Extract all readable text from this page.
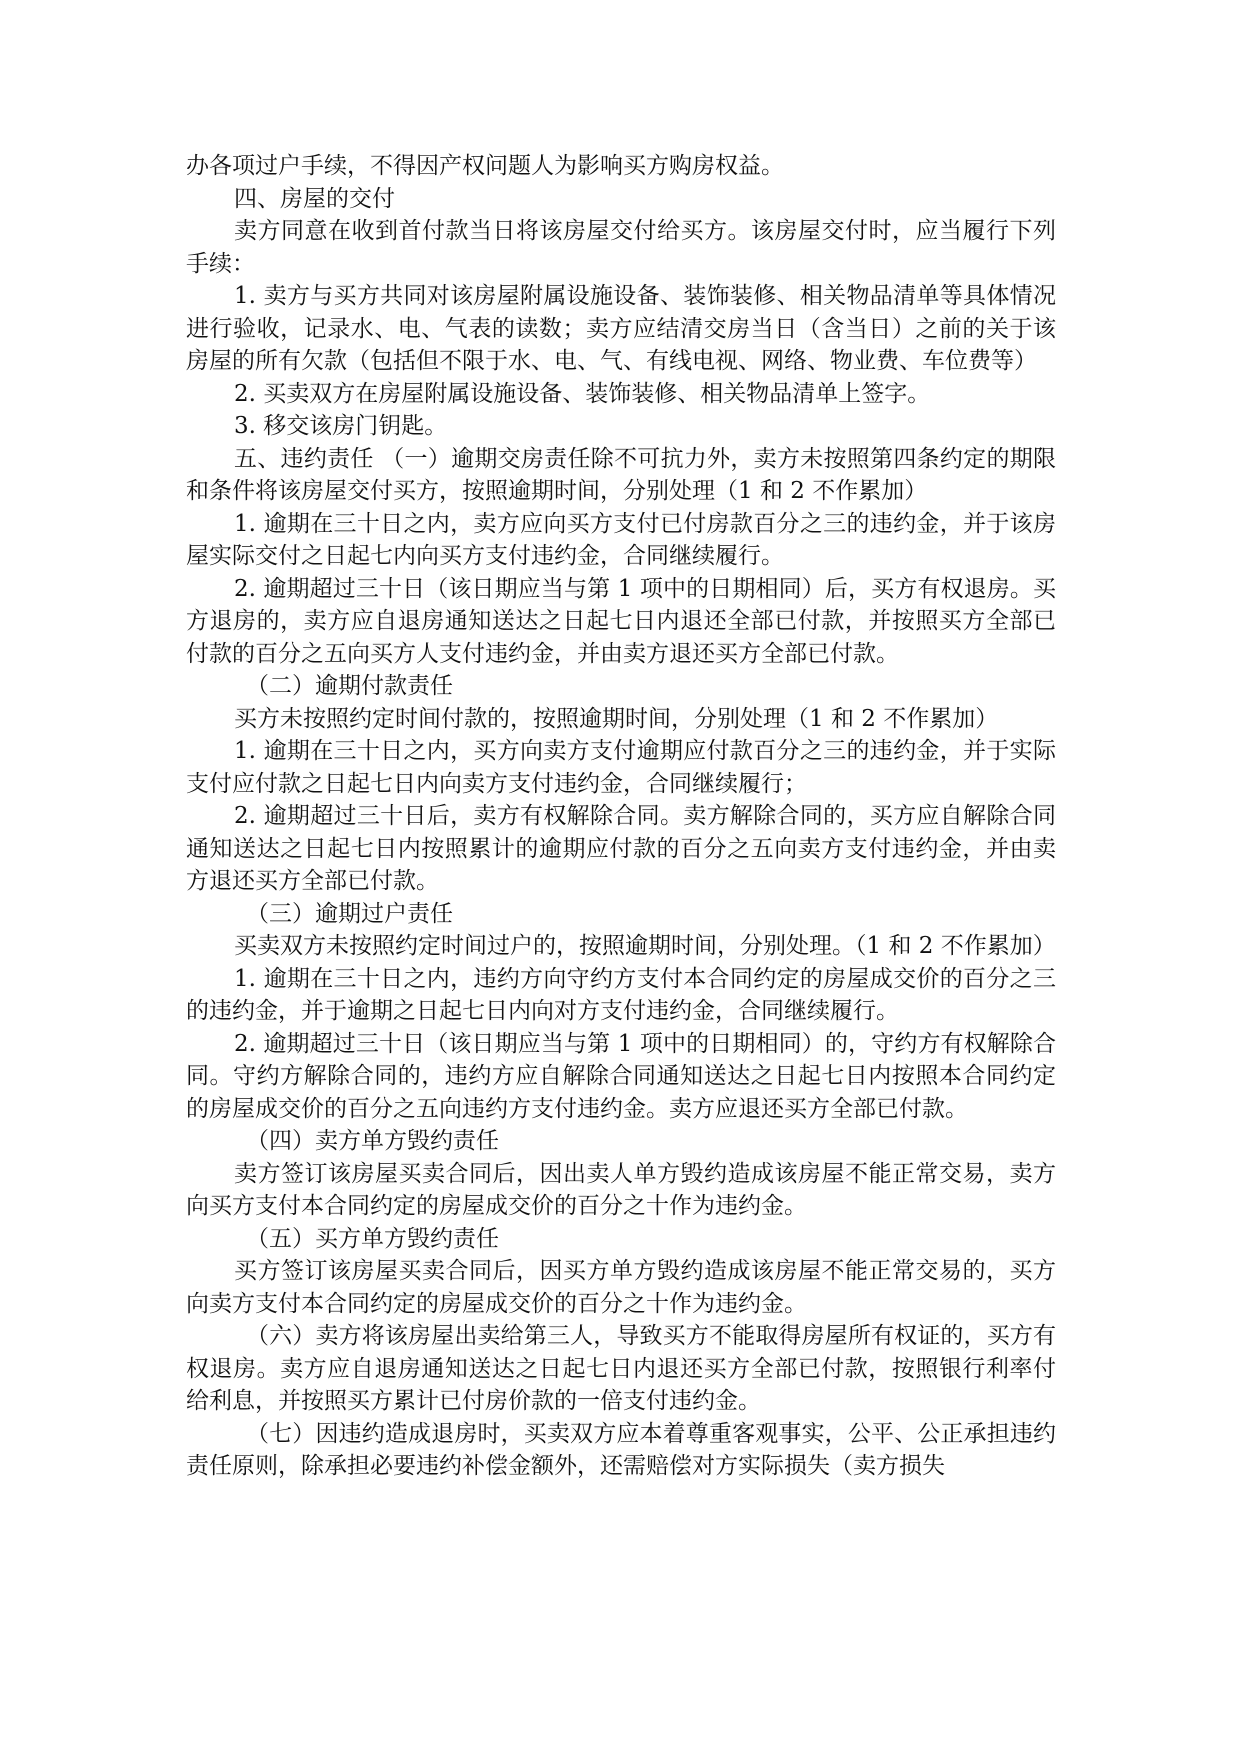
办各项过户手续，不得因产权问题人为影响买方购房权益。

四、房屋的交付

卖方同意在收到首付款当日将该房屋交付给买方。该房屋交付时，应当履行下列手续：

1. 卖方与买方共同对该房屋附属设施设备、装饰装修、相关物品清单等具体情况进行验收，记录水、电、气表的读数；卖方应结清交房当日（含当日）之前的关于该房屋的所有欠款（包括但不限于水、电、气、有线电视、网络、物业费、车位费等）

2. 买卖双方在房屋附属设施设备、装饰装修、相关物品清单上签字。

3. 移交该房门钥匙。

五、违约责任 （一）逾期交房责任除不可抗力外，卖方未按照第四条约定的期限和条件将该房屋交付买方，按照逾期时间，分别处理（1 和 2 不作累加）

1. 逾期在三十日之内，卖方应向买方支付已付房款百分之三的违约金，并于该房屋实际交付之日起七内向买方支付违约金，合同继续履行。

2. 逾期超过三十日（该日期应当与第 1 项中的日期相同）后，买方有权退房。买方退房的，卖方应自退房通知送达之日起七日内退还全部已付款，并按照买方全部已付款的百分之五向买方人支付违约金，并由卖方退还买方全部已付款。

（二）逾期付款责任

买方未按照约定时间付款的，按照逾期时间，分别处理（1 和 2 不作累加）

1. 逾期在三十日之内，买方向卖方支付逾期应付款百分之三的违约金，并于实际支付应付款之日起七日内向卖方支付违约金，合同继续履行；

2. 逾期超过三十日后，卖方有权解除合同。卖方解除合同的，买方应自解除合同通知送达之日起七日内按照累计的逾期应付款的百分之五向卖方支付违约金，并由卖方退还买方全部已付款。

（三）逾期过户责任

买卖双方未按照约定时间过户的，按照逾期时间，分别处理。（1 和 2 不作累加）

1. 逾期在三十日之内，违约方向守约方支付本合同约定的房屋成交价的百分之三的违约金，并于逾期之日起七日内向对方支付违约金，合同继续履行。

2. 逾期超过三十日（该日期应当与第 1 项中的日期相同）的，守约方有权解除合同。守约方解除合同的，违约方应自解除合同通知送达之日起七日内按照本合同约定的房屋成交价的百分之五向违约方支付违约金。卖方应退还买方全部已付款。

（四）卖方单方毁约责任

卖方签订该房屋买卖合同后，因出卖人单方毁约造成该房屋不能正常交易，卖方向买方支付本合同约定的房屋成交价的百分之十作为违约金。

（五）买方单方毁约责任

买方签订该房屋买卖合同后，因买方单方毁约造成该房屋不能正常交易的，买方向卖方支付本合同约定的房屋成交价的百分之十作为违约金。

（六）卖方将该房屋出卖给第三人，导致买方不能取得房屋所有权证的，买方有权退房。卖方应自退房通知送达之日起七日内退还买方全部已付款，按照银行利率付给利息，并按照买方累计已付房价款的一倍支付违约金。

（七）因违约造成退房时，买卖双方应本着尊重客观事实，公平、公正承担违约责任原则，除承担必要违约补偿金额外，还需赔偿对方实际损失（卖方损失
